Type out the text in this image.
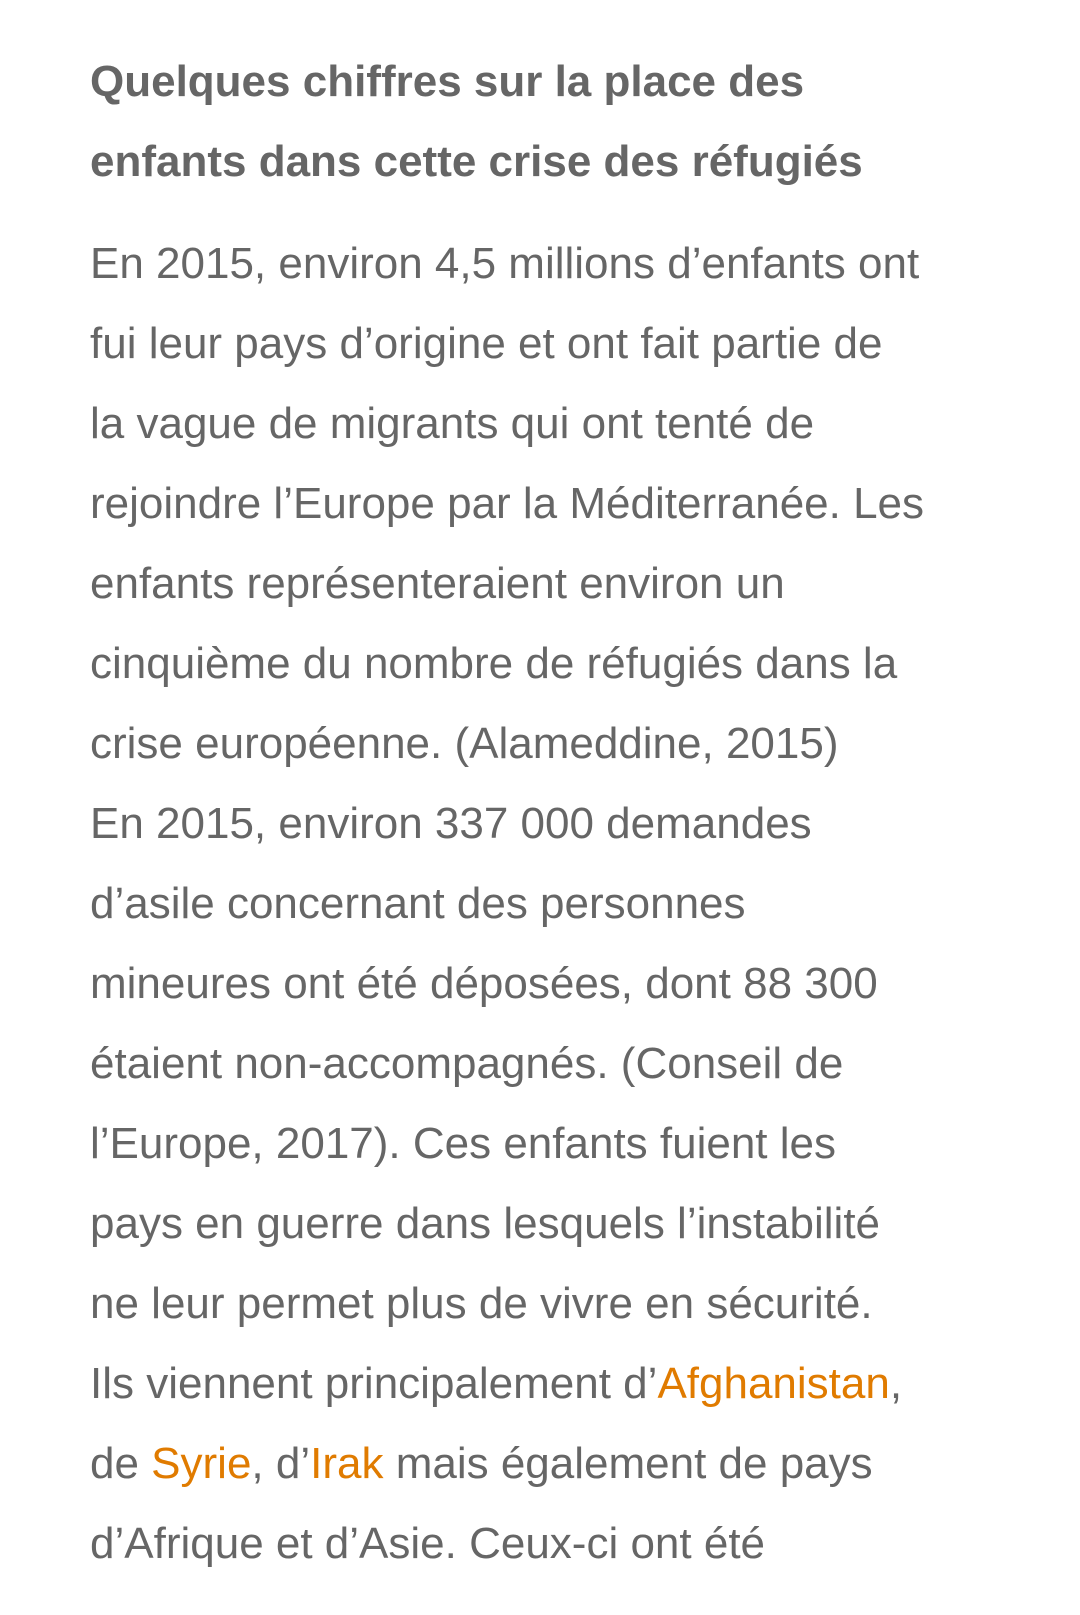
Quelques chiffres sur la place des
enfants dans cette crise des réfugiés

En 2015, environ 4,5 millions d’enfants ont
fui leur pays d’origine et ont fait partie de
la vague de migrants qui ont tenté de
rejoindre l’Europe par la Méditerranée. Les
enfants représenteraient environ un
cinquième du nombre de réfugiés dans la
crise européenne. (Alameddine, 2015)
En 2015, environ 337 000 demandes
d’asile concernant des personnes
mineures ont été déposées, dont 88 300
étaient non-accompagnés. (Conseil de
l’Europe, 2017). Ces enfants fuient les
pays en guerre dans lesquels l’instabilité
ne leur permet plus de vivre en sécurité.
Ils viennent principalement d’Afghanistan,
de Syrie, d’Irak mais également de pays
d’Afrique et d’Asie. Ceux-ci ont été
